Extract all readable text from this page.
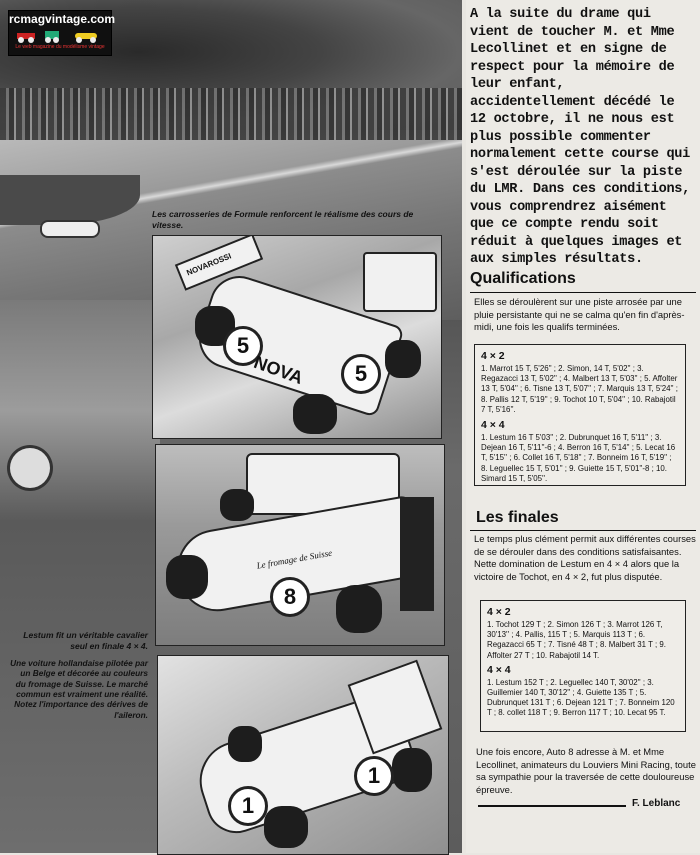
rcmagvintage.com
Le web magazine du modélisme vintage
Les carrosseries de Formule renforcent le réalisme des cours de vitesse.
NOVAROSSI
5
5
NOVA
8
Le fromage de Suisse
Lestum fit un véritable cavalier seul en finale 4 × 4.
Une voiture hollandaise pilotée par un Belge et décorée au couleurs du fromage de Suisse. Le marché commun est vraiment une réalité. Notez l'importance des dérives de l'aileron.
1
1
A la suite du drame qui vient de toucher M. et Mme Lecollinet et en signe de respect pour la mémoire de leur enfant, accidentellement décédé le 12 octobre, il ne nous est plus possible commenter normalement cette course qui s'est déroulée sur la piste du LMR. Dans ces conditions, vous comprendrez aisément que ce compte rendu soit réduit à quelques images et aux simples résultats.
Qualifications
Elles se déroulèrent sur une piste arrosée par une pluie persistante qui ne se calma qu'en fin d'après-midi, une fois les qualifs terminées.
4 × 2
1. Marrot 15 T, 5'26'' ; 2. Simon, 14 T, 5'02'' ; 3. Regazacci 13 T, 5'02'' ; 4. Malbert 13 T, 5'03'' ; 5. Affolter 13 T, 5'04'' ; 6. Tisne 13 T, 5'07'' ; 7. Marquis 13 T, 5'24'' ; 8. Pallis 12 T, 5'19'' ; 9. Tochot 10 T, 5'04'' ; 10. Rabajotil 7 T, 5'16''.
4 × 4
1. Lestum 16 T 5'03'' ; 2. Dubrunquet 16 T, 5'11'' ; 3. Dejean 16 T, 5'11''-6 ; 4. Berron 16 T, 5'14'' ; 5. Lecat 16 T, 5'15'' ; 6. Collet 16 T, 5'18'' ; 7. Bonneim 16 T, 5'19'' ; 8. Leguellec 15 T, 5'01'' ; 9. Guiette 15 T, 5'01''-8 ; 10. Simard 15 T, 5'05''.
Les finales
Le temps plus clément permit aux différentes courses de se dérouler dans des conditions satisfaisantes. Nette domination de Lestum en 4 × 4 alors que la victoire de Tochot, en 4 × 2, fut plus disputée.
4 × 2
1. Tochot 129 T ; 2. Simon 126 T ; 3. Marrot 126 T, 30'13'' ; 4. Pallis, 115 T ; 5. Marquis 113 T ; 6. Regazacci 65 T ; 7. Tisné 48 T ; 8. Malbert 31 T ; 9. Affolter 27 T ; 10. Rabajotil 14 T.
4 × 4
1. Lestum 152 T ; 2. Leguellec 140 T, 30'02'' ; 3. Guillemier 140 T, 30'12'' ; 4. Guiette 135 T ; 5. Dubrunquet 131 T ; 6. Dejean 121 T ; 7. Bonneim 120 T ; 8. collet 118 T ; 9. Berron 117 T ; 10. Lecat 95 T.
Une fois encore, Auto 8 adresse à M. et Mme Lecollinet, animateurs du Louviers Mini Racing, toute sa sympathie pour la traversée de cette douloureuse épreuve.
F. Leblanc
